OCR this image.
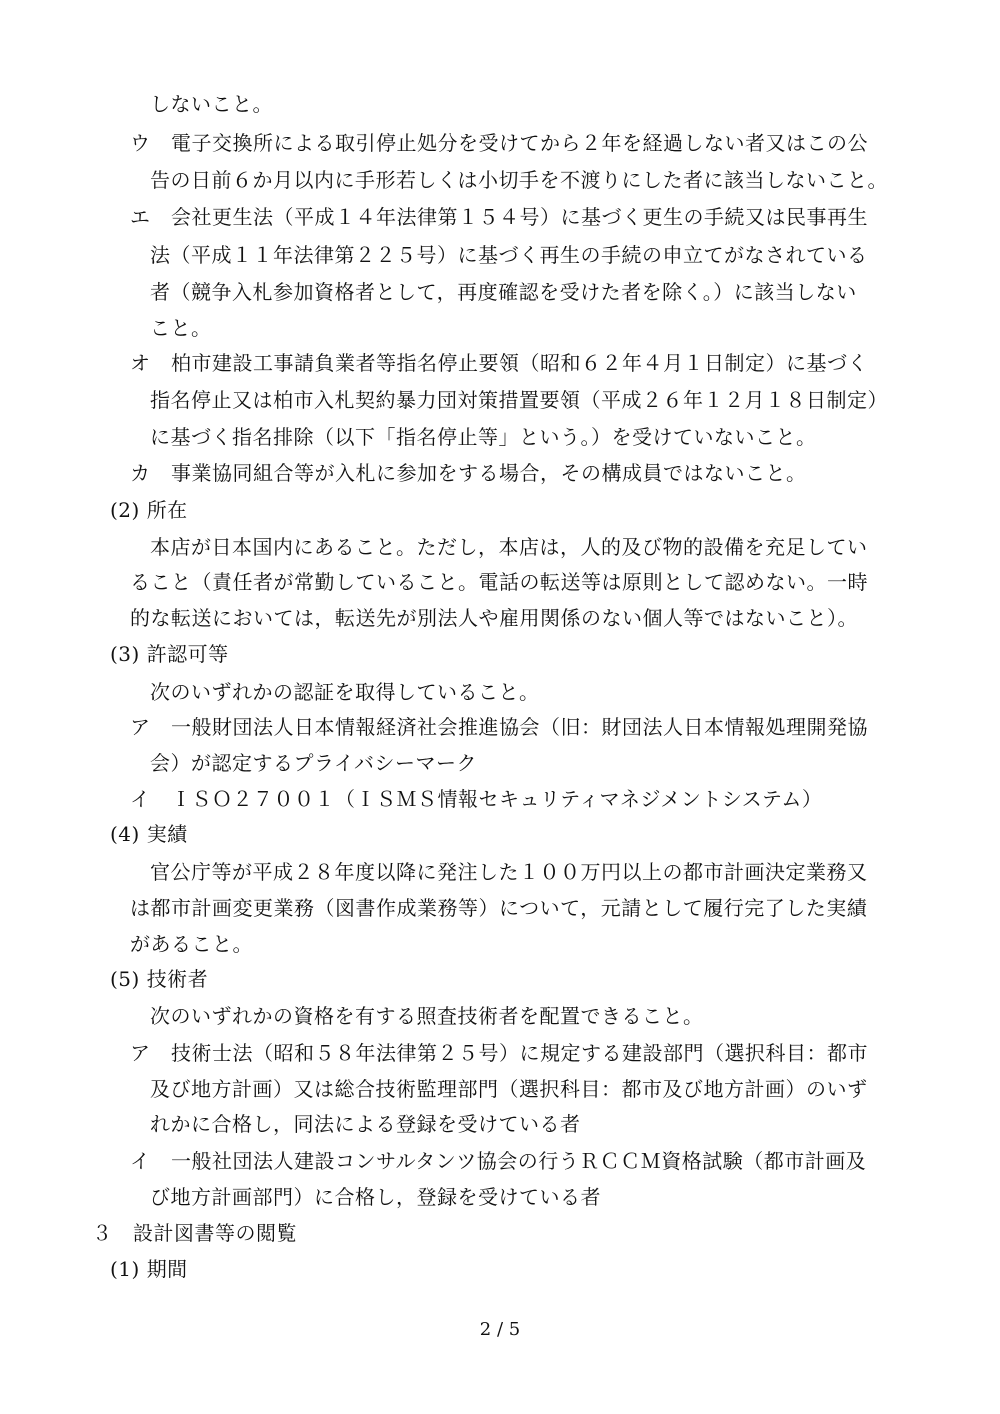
しないこと。
ウ　電子交換所による取引停止処分を受けてから２年を経過しない者又はこの公
告の日前６か月以内に手形若しくは小切手を不渡りにした者に該当しないこと。
エ　会社更生法（平成１４年法律第１５４号）に基づく更生の手続又は民事再生
法（平成１１年法律第２２５号）に基づく再生の手続の申立てがなされている
者（競争入札参加資格者として，再度確認を受けた者を除く。）に該当しない
こと。
オ　柏市建設工事請負業者等指名停止要領（昭和６２年４月１日制定）に基づく
指名停止又は柏市入札契約暴力団対策措置要領（平成２６年１２月１８日制定）
に基づく指名排除（以下「指名停止等」という。）を受けていないこと。
カ　事業協同組合等が入札に参加をする場合，その構成員ではないこと。
(2) 所在
本店が日本国内にあること。ただし，本店は，人的及び物的設備を充足してい
ること（責任者が常勤していること。電話の転送等は原則として認めない。一時
的な転送においては，転送先が別法人や雇用関係のない個人等ではないこと）。
(3) 許認可等
次のいずれかの認証を取得していること。
ア　一般財団法人日本情報経済社会推進協会（旧：財団法人日本情報処理開発協
会）が認定するプライバシーマーク
イ　ＩＳＯ２７００１（ＩＳＭＳ情報セキュリティマネジメントシステム）
(4) 実績
官公庁等が平成２８年度以降に発注した１００万円以上の都市計画決定業務又
は都市計画変更業務（図書作成業務等）について，元請として履行完了した実績
があること。
(5) 技術者
次のいずれかの資格を有する照査技術者を配置できること。
ア　技術士法（昭和５８年法律第２５号）に規定する建設部門（選択科目：都市
及び地方計画）又は総合技術監理部門（選択科目：都市及び地方計画）のいず
れかに合格し，同法による登録を受けている者
イ　一般社団法人建設コンサルタンツ協会の行うＲＣＣＭ資格試験（都市計画及
び地方計画部門）に合格し，登録を受けている者
３　設計図書等の閲覧
(1) 期間
2 / 5
